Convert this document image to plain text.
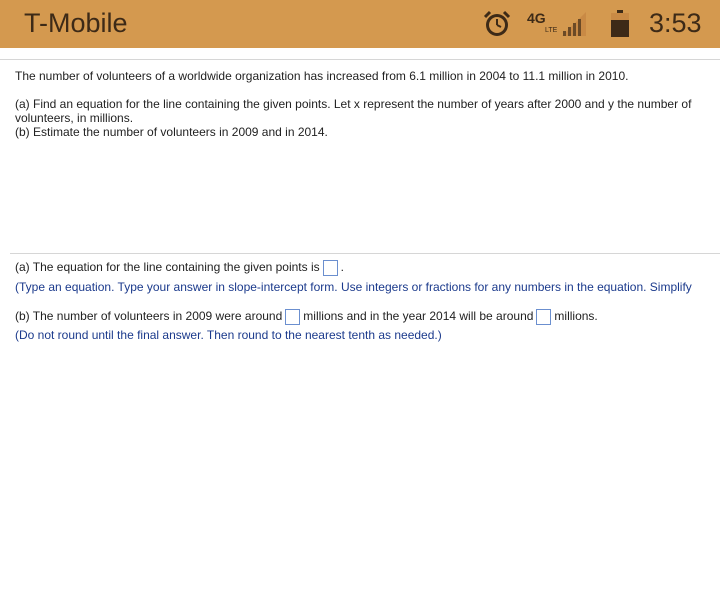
T-Mobile	4G
LTE	3:53

The number of volunteers of a worldwide organization has increased from 6.1 million in 2004 to 11.1 million in 2010.

(a) Find an equation for the line containing the given points. Let x represent the number of years after 2000 and y the number of

volunteers, in millions.

(b) Estimate the number of volunteers in 2009 and in 2014.

(a) The equation for the line containing the given points is .
(Type an equation. Type your answer in slope-intercept form. Use integers or fractions for any numbers in the equation. Simplify
(b) The number of volunteers in 2009 were around millions and in the year 2014 will be around millions.
(Do not round until the final answer. Then round to the nearest tenth as needed.)
